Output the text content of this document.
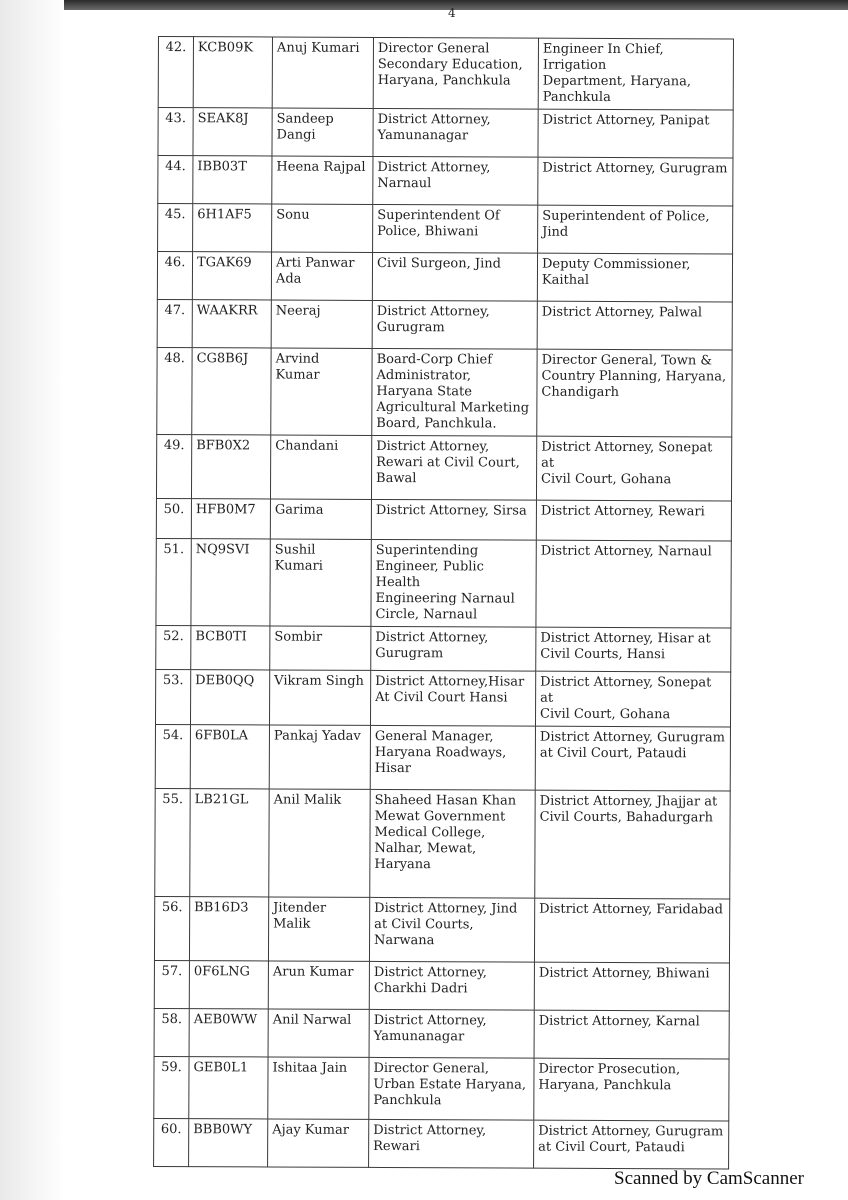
4
42.	KCB09K	Anuj Kumari	Director General
Secondary Education,
Haryana, Panchkula	Engineer In Chief, Irrigation
Department, Haryana,
Panchkula
43.	SEAK8J	Sandeep Dangi	District Attorney,
Yamunanagar	District Attorney, Panipat
44.	IBB03T	Heena Rajpal	District Attorney,
Narnaul	District Attorney, Gurugram
45.	6H1AF5	Sonu	Superintendent Of
Police, Bhiwani	Superintendent of Police,
Jind
46.	TGAK69	Arti Panwar
Ada	Civil Surgeon, Jind	Deputy Commissioner,
Kaithal
47.	WAAKRR	Neeraj	District Attorney,
Gurugram	District Attorney, Palwal
48.	CG8B6J	Arvind Kumar	Board-Corp Chief
Administrator,
Haryana State
Agricultural Marketing
Board, Panchkula.	Director General, Town &
Country Planning, Haryana,
Chandigarh
49.	BFB0X2	Chandani	District Attorney,
Rewari at Civil Court,
Bawal	District Attorney, Sonepat at
Civil Court, Gohana
50.	HFB0M7	Garima	District Attorney, Sirsa	District Attorney, Rewari
51.	NQ9SVI	Sushil Kumari	Superintending
Engineer, Public Health
Engineering Narnaul
Circle, Narnaul	District Attorney, Narnaul
52.	BCB0TI	Sombir	District Attorney,
Gurugram	District Attorney, Hisar at
Civil Courts, Hansi
53.	DEB0QQ	Vikram Singh	District Attorney,Hisar
At Civil Court Hansi	District Attorney, Sonepat at
Civil Court, Gohana
54.	6FB0LA	Pankaj Yadav	General Manager,
Haryana Roadways,
Hisar	District Attorney, Gurugram
at Civil Court, Pataudi
55.	LB21GL	Anil Malik	Shaheed Hasan Khan
Mewat Government
Medical College,
Nalhar, Mewat,
Haryana	District Attorney, Jhajjar at
Civil Courts, Bahadurgarh
56.	BB16D3	Jitender Malik	District Attorney, Jind
at Civil Courts,
Narwana	District Attorney, Faridabad
57.	0F6LNG	Arun Kumar	District Attorney,
Charkhi Dadri	District Attorney, Bhiwani
58.	AEB0WW	Anil Narwal	District Attorney,
Yamunanagar	District Attorney, Karnal
59.	GEB0L1	Ishitaa Jain	Director General,
Urban Estate Haryana,
Panchkula	Director Prosecution,
Haryana, Panchkula
60.	BBB0WY	Ajay Kumar	District Attorney,
Rewari	District Attorney, Gurugram
at Civil Court, Pataudi
Scanned by CamScanner
